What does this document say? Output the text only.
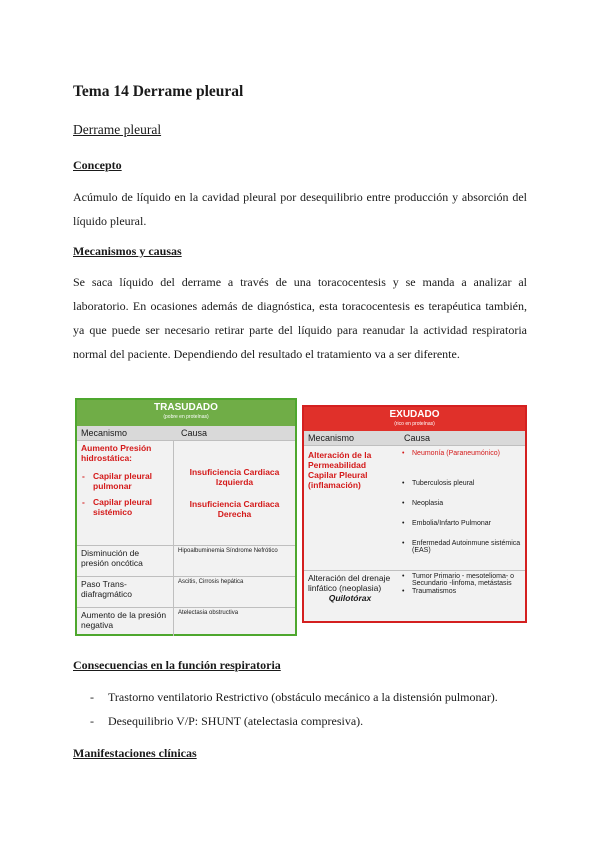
Tema 14 Derrame pleural
Derrame pleural
Concepto
Acúmulo de líquido en la cavidad pleural por desequilibrio entre producción y absorción del líquido pleural.
Mecanismos y causas
Se saca líquido del derrame a través de una toracocentesis y se manda a analizar al laboratorio. En ocasiones además de diagnóstica, esta toracocentesis es terapéutica también, ya que puede ser necesario retirar parte del líquido para reanudar la actividad respiratoria normal del paciente. Dependiendo del resultado el tratamiento va a ser diferente.
TRASUDADO
(pobre en proteínas)
Mecanismo	Causa
Aumento Presión hidrostática:
- Capilar pleural pulmonar
- Capilar pleural sistémico
Insuficiencia Cardiaca Izquierda
Insuficiencia Cardiaca Derecha
Disminución de presión oncótica
Hipoalbuminemia Síndrome Nefrótico
Paso Trans-diafragmático
Ascitis, Cirrosis hepática
Aumento de la presión negativa
Atelectasia obstructiva
EXUDADO
(rico en proteínas)
Mecanismo	Causa
Alteración de la Permeabilidad Capilar Pleural (inflamación)
• Neumonía (Paraneumónico)
• Tuberculosis pleural
• Neoplasia
• Embolia/Infarto Pulmonar
• Enfermedad Autoinmune sistémica (EAS)
Alteración del drenaje linfático (neoplasia)
Quilotórax
• Tumor Primario - mesotelioma- o Secundario -linfoma, metástasis
• Traumatismos
Consecuencias en la función respiratoria
- Trastorno ventilatorio Restrictivo (obstáculo mecánico a la distensión pulmonar).
- Desequilibrio V/P: SHUNT (atelectasia compresiva).
Manifestaciones clínicas
